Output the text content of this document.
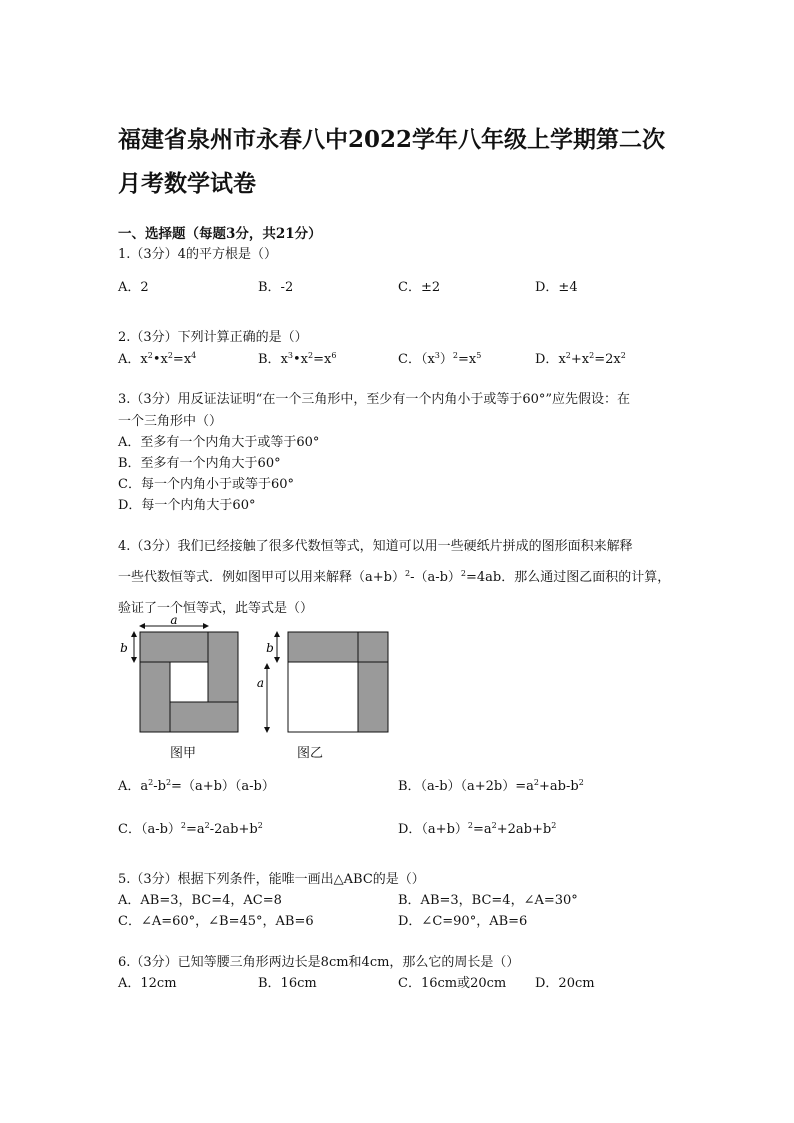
福建省泉州市永春八中2022学年八年级上学期第二次月考数学试卷
一、选择题（每题3分，共21分）
1.（3分）4的平方根是（）
A．2	B．-2	C．±2	D．±4
2.（3分）下列计算正确的是（）
A．$x^2•x^2=x^4$	B．$x^3•x^2=x^6$	C．$(x^3)^2=x^5$	D．$x^2+x^2=2x^2$
3.（3分）用反证法证明“在一个三角形中，至少有一个内角小于或等于60°”应先假设：在
一个三角形中（）
A．至多有一个内角大于或等于60°
B．至多有一个内角大于60°
C．每一个内角小于或等于60°
D．每一个内角大于60°
4.（3分）我们已经接触了很多代数恒等式，知道可以用一些硬纸片拼成的图形面积来解释
一些代数恒等式．例如图甲可以用来解释$(a+b)^2-(a-b)^2=4ab$．那么通过图乙面积的计算，
验证了一个恒等式，此等式是（）
a
b	b
a
图甲	图乙
A．$a^2-b^2=(a+b)(a-b)$	B．$(a-b)(a+2b)=a^2+ab-b^2$
C．$(a-b)^2=a^2-2ab+b^2$	D．$(a+b)^2=a^2+2ab+b^2$
5.（3分）根据下列条件，能唯一画出△ABC的是（）
A．AB=3，BC=4，AC=8	B．AB=3，BC=4，∠A=30°
C．∠A=60°，∠B=45°，AB=6	D．∠C=90°，AB=6
6.（3分）已知等腰三角形两边长是8cm和4cm，那么它的周长是（）
A．12cm	B．16cm	C．16cm或20cm D．20cm
